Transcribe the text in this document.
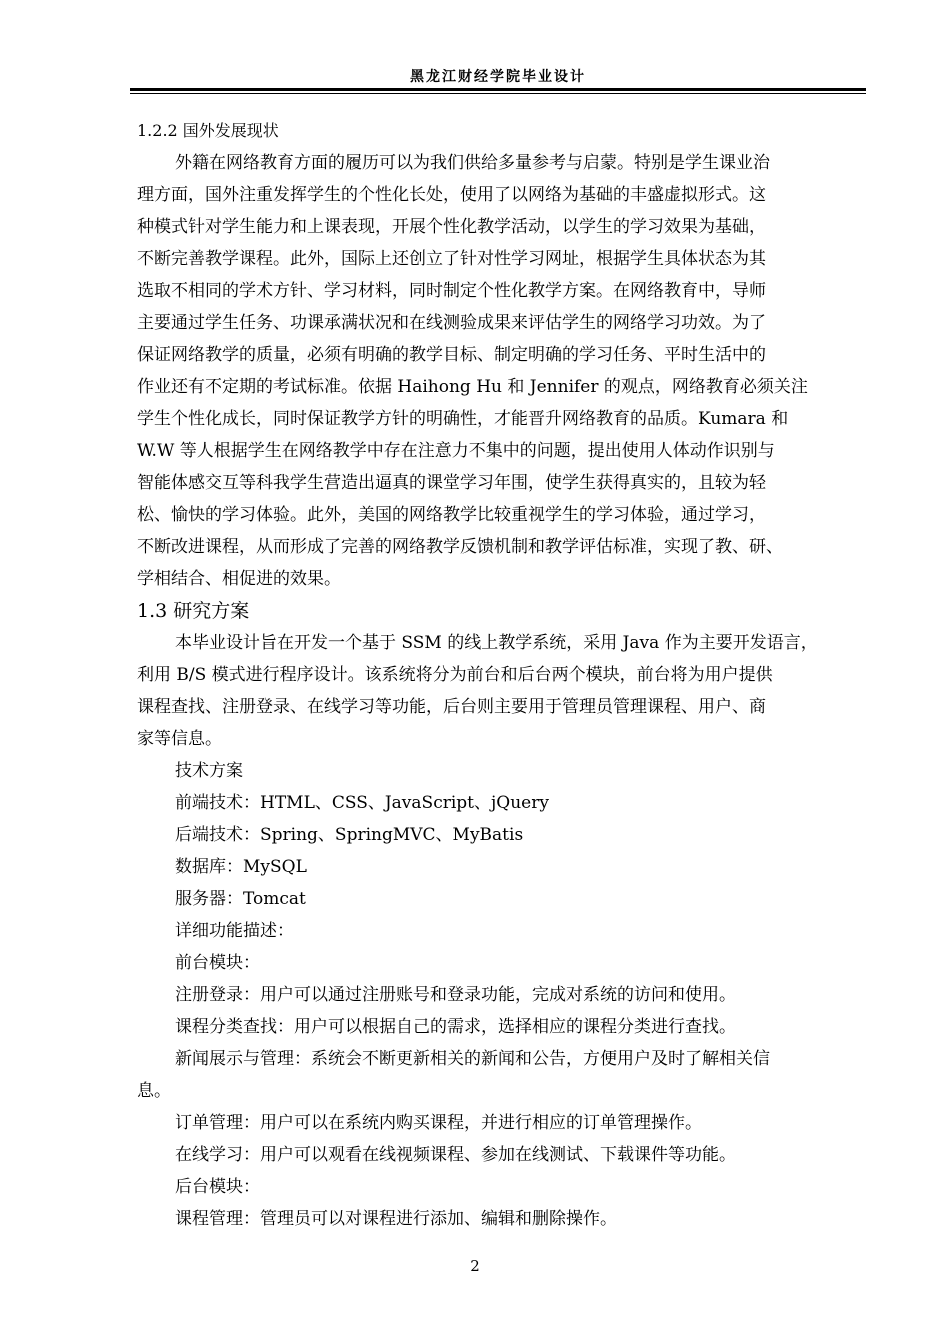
黑龙江财经学院毕业设计
1.2.2 国外发展现状
外籍在网络教育方面的履历可以为我们供给多量参考与启蒙。特别是学生课业治
理方面，国外注重发挥学生的个性化长处，使用了以网络为基础的丰盛虚拟形式。这
种模式针对学生能力和上课表现，开展个性化教学活动，以学生的学习效果为基础，
不断完善教学课程。此外，国际上还创立了针对性学习网址，根据学生具体状态为其
选取不相同的学术方针、学习材料，同时制定个性化教学方案。在网络教育中，导师
主要通过学生任务、功课承满状况和在线测验成果来评估学生的网络学习功效。为了
保证网络教学的质量，必须有明确的教学目标、制定明确的学习任务、平时生活中的
作业还有不定期的考试标准。依据 Haihong Hu 和 Jennifer 的观点，网络教育必须关注
学生个性化成长，同时保证教学方针的明确性，才能晋升网络教育的品质。Kumara 和
W.W 等人根据学生在网络教学中存在注意力不集中的问题，提出使用人体动作识别与
智能体感交互等科我学生营造出逼真的课堂学习年围，使学生获得真实的，且较为轻
松、愉快的学习体验。此外，美国的网络教学比较重视学生的学习体验，通过学习，
不断改进课程，从而形成了完善的网络教学反馈机制和教学评估标准，实现了教、研、
学相结合、相促进的效果。
1.3 研究方案
本毕业设计旨在开发一个基于 SSM 的线上教学系统，采用 Java 作为主要开发语言，
利用 B/S 模式进行程序设计。该系统将分为前台和后台两个模块，前台将为用户提供
课程查找、注册登录、在线学习等功能，后台则主要用于管理员管理课程、用户、商
家等信息。
技术方案
前端技术：HTML、CSS、JavaScript、jQuery
后端技术：Spring、SpringMVC、MyBatis
数据库：MySQL
服务器：Tomcat
详细功能描述：
前台模块：
注册登录：用户可以通过注册账号和登录功能，完成对系统的访问和使用。
课程分类查找：用户可以根据自己的需求，选择相应的课程分类进行查找。
新闻展示与管理：系统会不断更新相关的新闻和公告，方便用户及时了解相关信
息。
订单管理：用户可以在系统内购买课程，并进行相应的订单管理操作。
在线学习：用户可以观看在线视频课程、参加在线测试、下载课件等功能。
后台模块：
课程管理：管理员可以对课程进行添加、编辑和删除操作。
2
